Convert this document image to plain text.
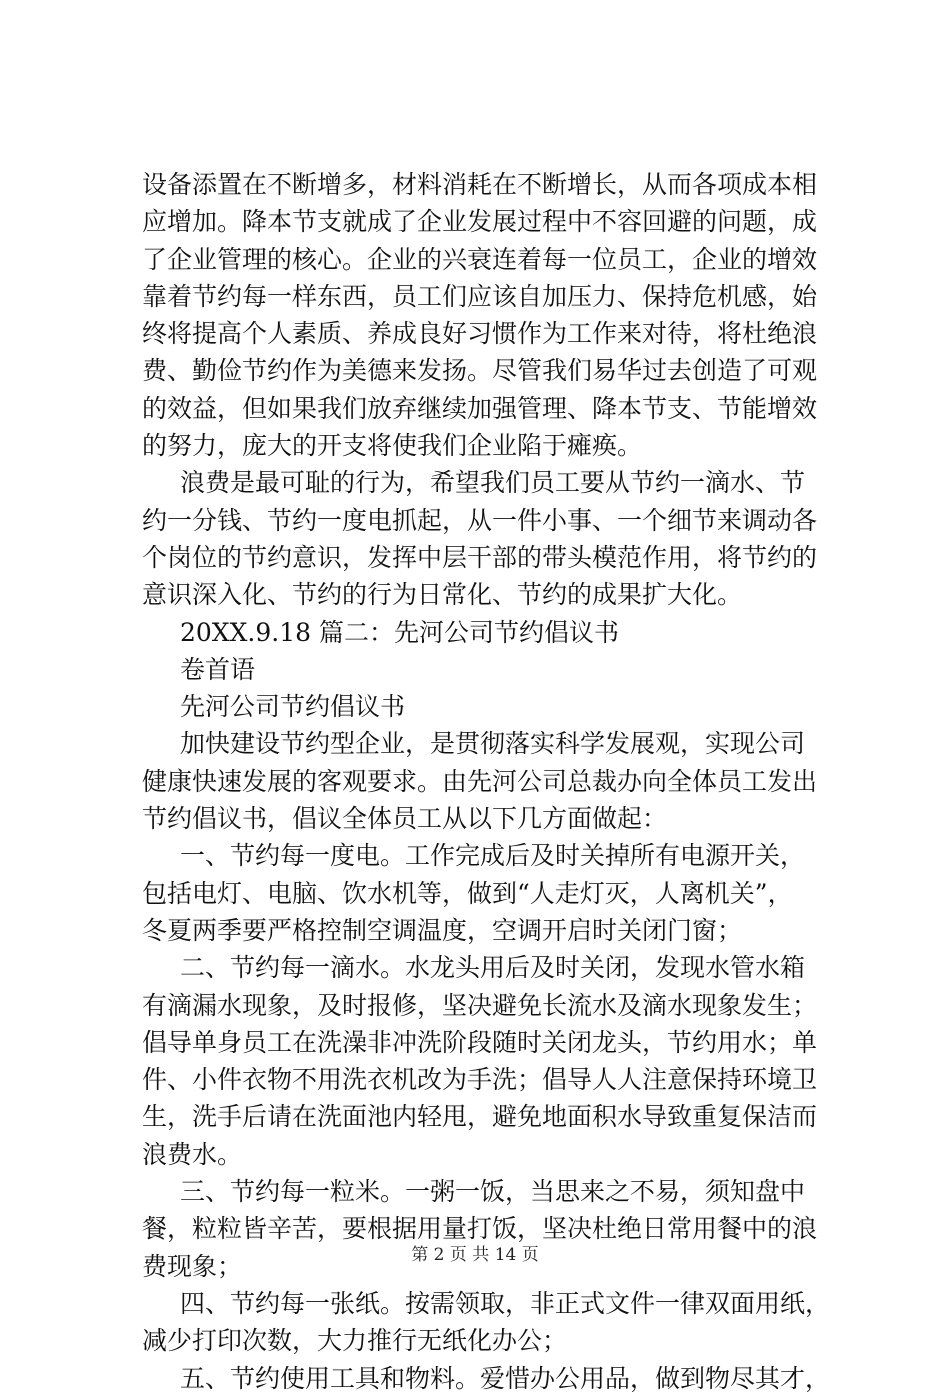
设备添置在不断增多，材料消耗在不断增长，从而各项成本相
应增加。降本节支就成了企业发展过程中不容回避的问题，成
了企业管理的核心。企业的兴衰连着每一位员工，企业的增效
靠着节约每一样东西，员工们应该自加压力、保持危机感，始
终将提高个人素质、养成良好习惯作为工作来对待，将杜绝浪
费、勤俭节约作为美德来发扬。尽管我们易华过去创造了可观
的效益，但如果我们放弃继续加强管理、降本节支、节能增效
的努力，庞大的开支将使我们企业陷于瘫痪。
浪费是最可耻的行为，希望我们员工要从节约一滴水、节
约一分钱、节约一度电抓起，从一件小事、一个细节来调动各
个岗位的节约意识，发挥中层干部的带头模范作用，将节约的
意识深入化、节约的行为日常化、节约的成果扩大化。
20XX.9.18 篇二：先河公司节约倡议书
卷首语
先河公司节约倡议书
加快建设节约型企业，是贯彻落实科学发展观，实现公司
健康快速发展的客观要求。由先河公司总裁办向全体员工发出
节约倡议书，倡议全体员工从以下几方面做起：
一、节约每一度电。工作完成后及时关掉所有电源开关，
包括电灯、电脑、饮水机等，做到“人走灯灭，人离机关”，
冬夏两季要严格控制空调温度，空调开启时关闭门窗；
二、节约每一滴水。水龙头用后及时关闭，发现水管水箱
有滴漏水现象，及时报修，坚决避免长流水及滴水现象发生；
倡导单身员工在洗澡非冲洗阶段随时关闭龙头，节约用水；单
件、小件衣物不用洗衣机改为手洗；倡导人人注意保持环境卫
生，洗手后请在洗面池内轻甩，避免地面积水导致重复保洁而
浪费水。
三、节约每一粒米。一粥一饭，当思来之不易，须知盘中
餐，粒粒皆辛苦，要根据用量打饭，坚决杜绝日常用餐中的浪
费现象；
四、节约每一张纸。按需领取，非正式文件一律双面用纸，
减少打印次数，大力推行无纸化办公；
五、节约使用工具和物料。爱惜办公用品，做到物尽其才，
第 2 页 共 14 页
